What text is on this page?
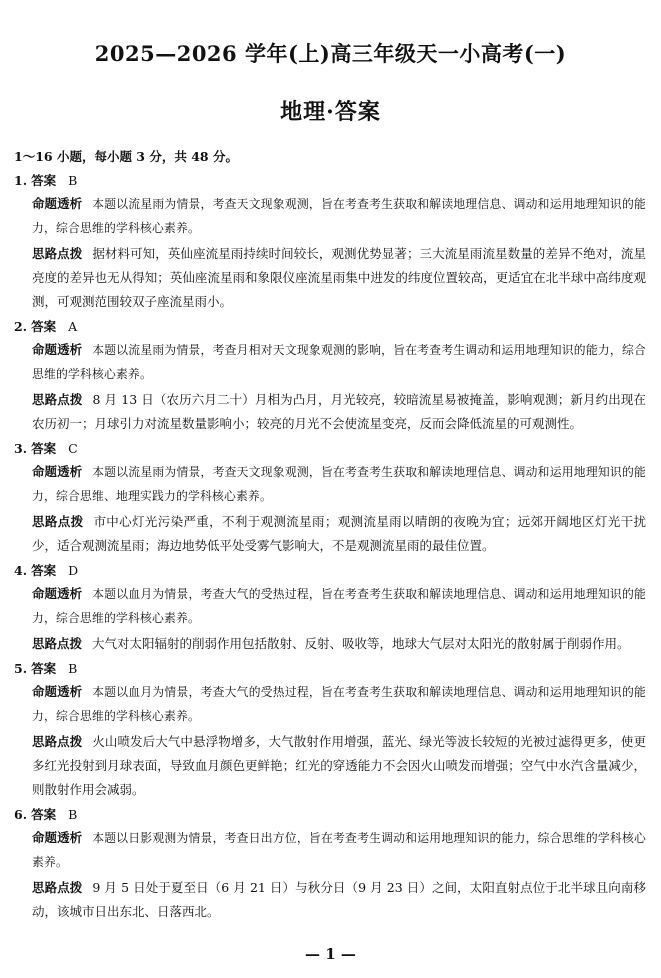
2025—2026 学年(上)高三年级天一小高考(一)
地理·答案
1～16 小题，每小题 3 分，共 48 分。
1. 答案 B
命题透析 本题以流星雨为情景，考查天文现象观测，旨在考查考生获取和解读地理信息、调动和运用地理知识的能力，综合思维的学科核心素养。
思路点拨 据材料可知，英仙座流星雨持续时间较长，观测优势显著；三大流星雨流星数量的差异不绝对，流星亮度的差异也无从得知；英仙座流星雨和象限仪座流星雨集中进发的纬度位置较高，更适宜在北半球中高纬度观测，可观测范围较双子座流星雨小。
2. 答案 A
命题透析 本题以流星雨为情景，考查月相对天文现象观测的影响，旨在考查考生调动和运用地理知识的能力，综合思维的学科核心素养。
思路点拨 8 月 13 日（农历六月二十）月相为凸月，月光较亮，较暗流星易被掩盖，影响观测；新月约出现在农历初一；月球引力对流星数量影响小；较亮的月光不会使流星变亮，反而会降低流星的可观测性。
3. 答案 C
命题透析 本题以流星雨为情景，考查天文现象观测，旨在考查考生获取和解读地理信息、调动和运用地理知识的能力，综合思维、地理实践力的学科核心素养。
思路点拨 市中心灯光污染严重，不利于观测流星雨；观测流星雨以晴朗的夜晚为宜；远郊开阔地区灯光干扰少，适合观测流星雨；海边地势低平处受雾气影响大，不是观测流星雨的最佳位置。
4. 答案 D
命题透析 本题以血月为情景，考查大气的受热过程，旨在考查考生获取和解读地理信息、调动和运用地理知识的能力，综合思维的学科核心素养。
思路点拨 大气对太阳辐射的削弱作用包括散射、反射、吸收等，地球大气层对太阳光的散射属于削弱作用。
5. 答案 B
命题透析 本题以血月为情景，考查大气的受热过程，旨在考查考生获取和解读地理信息、调动和运用地理知识的能力，综合思维的学科核心素养。
思路点拨 火山喷发后大气中悬浮物增多，大气散射作用增强，蓝光、绿光等波长较短的光被过滤得更多，使更多红光投射到月球表面，导致血月颜色更鲜艳；红光的穿透能力不会因火山喷发而增强；空气中水汽含量减少，则散射作用会减弱。
6. 答案 B
命题透析 本题以日影观测为情景，考查日出方位，旨在考查考生调动和运用地理知识的能力，综合思维的学科核心素养。
思路点拨 9 月 5 日处于夏至日（6 月 21 日）与秋分日（9 月 23 日）之间，太阳直射点位于北半球且向南移动，该城市日出东北、日落西北。
— 1 —
